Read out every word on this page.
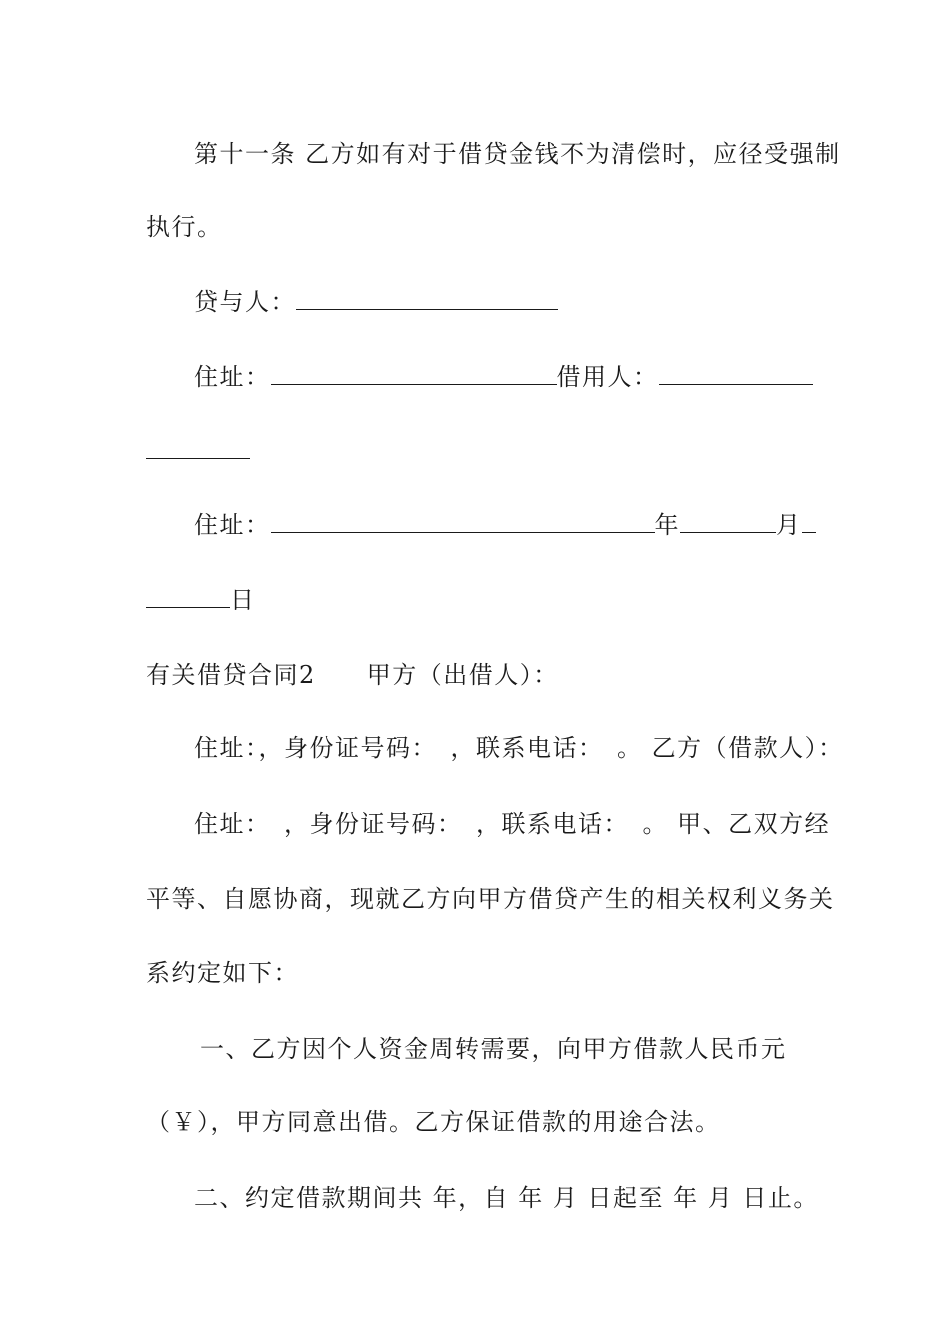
第十一条 乙方如有对于借贷金钱不为清偿时，应径受强制
执行。
贷与人：
住址：	借用人：
住址：	年	月
日
有关借贷合同2　　甲方（出借人）：
住址：，身份证号码：　，联系电话：　。 乙方（借款人）：
住址：　，身份证号码：　，联系电话：　。 甲、乙双方经
平等、自愿协商，现就乙方向甲方借贷产生的相关权利义务关
系约定如下：
一、乙方因个人资金周转需要，向甲方借款人民币元
（￥），甲方同意出借。乙方保证借款的用途合法。
二、约定借款期间共 年，自 年 月 日起至 年 月 日止。
